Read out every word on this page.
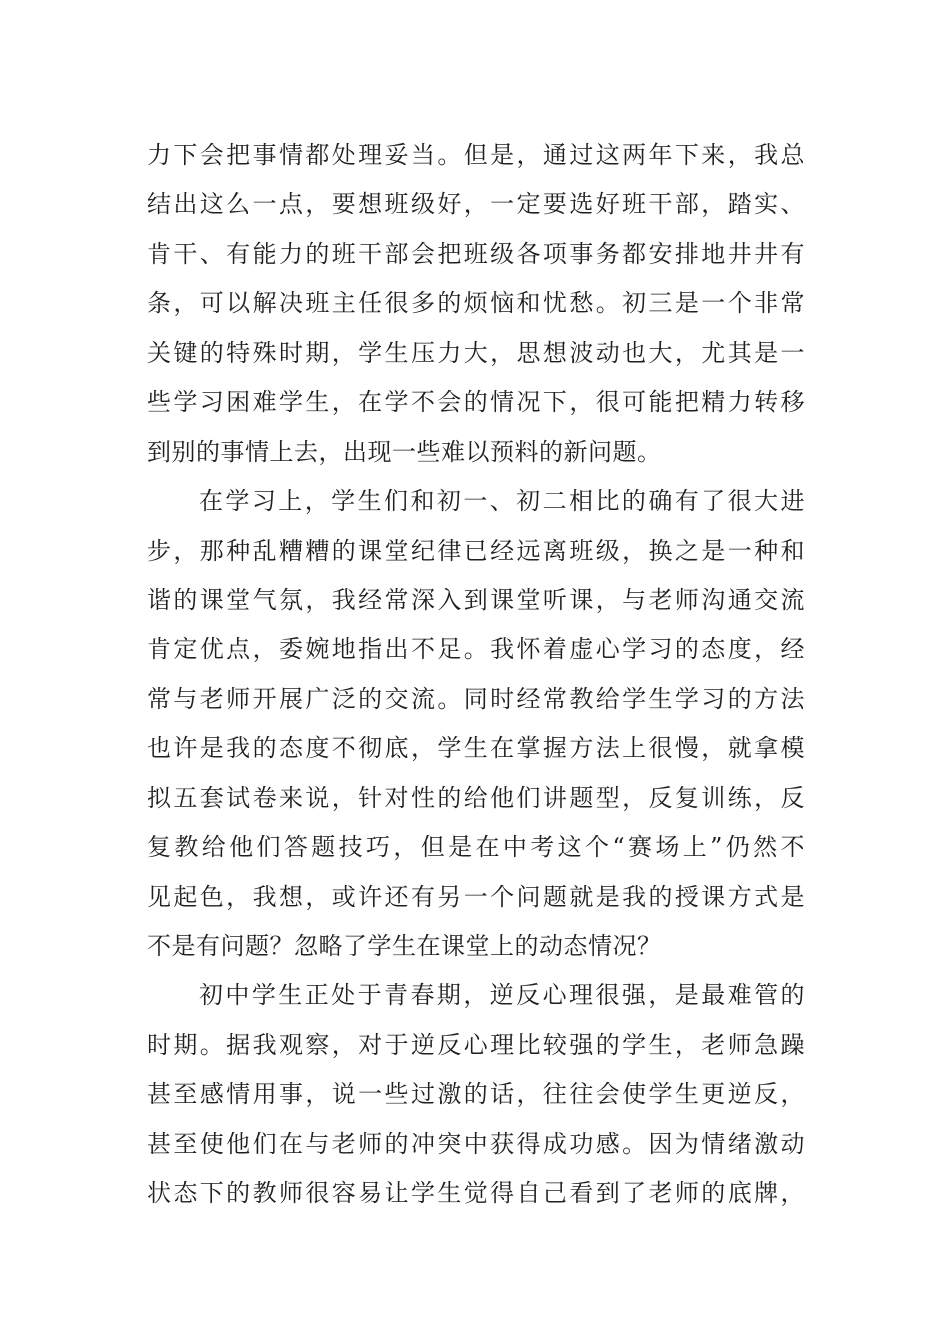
力下会把事情都处理妥当。但是，通过这两年下来，我总
结出这么一点，要想班级好，一定要选好班干部，踏实、
肯干、有能力的班干部会把班级各项事务都安排地井井有
条，可以解决班主任很多的烦恼和忧愁。初三是一个非常
关键的特殊时期，学生压力大，思想波动也大，尤其是一
些学习困难学生，在学不会的情况下，很可能把精力转移
到别的事情上去，出现一些难以预料的新问题。
在学习上，学生们和初一、初二相比的确有了很大进
步，那种乱糟糟的课堂纪律已经远离班级，换之是一种和
谐的课堂气氛，我经常深入到课堂听课，与老师沟通交流
肯定优点，委婉地指出不足。我怀着虚心学习的态度，经
常与老师开展广泛的交流。同时经常教给学生学习的方法
也许是我的态度不彻底，学生在掌握方法上很慢，就拿模
拟五套试卷来说，针对性的给他们讲题型，反复训练，反
复教给他们答题技巧，但是在中考这个“赛场上”仍然不
见起色，我想，或许还有另一个问题就是我的授课方式是
不是有问题？忽略了学生在课堂上的动态情况？
初中学生正处于青春期，逆反心理很强，是最难管的
时期。据我观察，对于逆反心理比较强的学生，老师急躁
甚至感情用事，说一些过激的话，往往会使学生更逆反，
甚至使他们在与老师的冲突中获得成功感。因为情绪激动
状态下的教师很容易让学生觉得自己看到了老师的底牌，
